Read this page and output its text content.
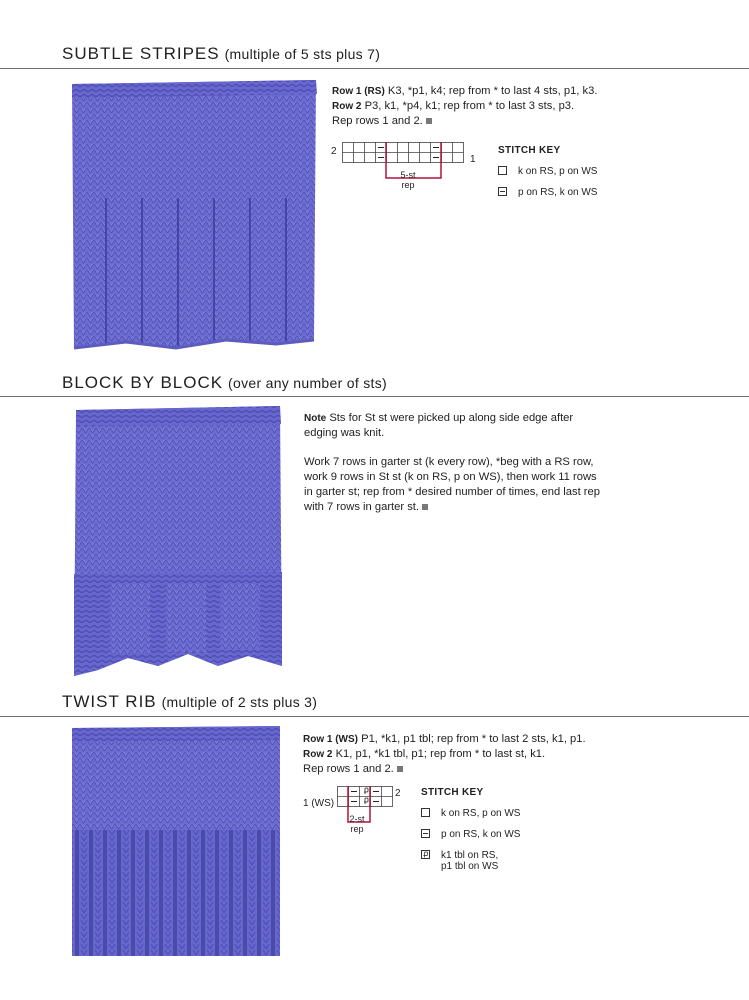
SUBTLE STRIPES (multiple of 5 sts plus 7)

Row 1 (RS) K3, *p1, k4; rep from * to last 4 sts, p1, k3.

Row 2 P3, k1, *p4, k1; rep from * to last 3 sts, p3.

Rep rows 1 and 2.

2
1
5-st
rep
STITCH KEY
k on RS, p on WS
p on RS, k on WS
BLOCK BY BLOCK (over any number of sts)

Note Sts for St st were picked up along side edge after edging was knit.

Work 7 rows in garter st (k every row), *beg with a RS row, work 9 rows in St st (k on RS, p on WS), then work 11 rows in garter st; rep from * desired number of times, end last rep with 7 rows in garter st.

TWIST RIB (multiple of 2 sts plus 3)

Row 1 (WS) P1, *k1, p1 tbl; rep from * to last 2 sts, k1, p1.

Row 2 K1, p1, *k1 tbl, p1; rep from * to last st, k1.

Rep rows 1 and 2.

1 (WS)
2
2-st
rep
STITCH KEY
k on RS, p on WS
p on RS, k on WS
k1 tbl on RS,
p1 tbl on WS
